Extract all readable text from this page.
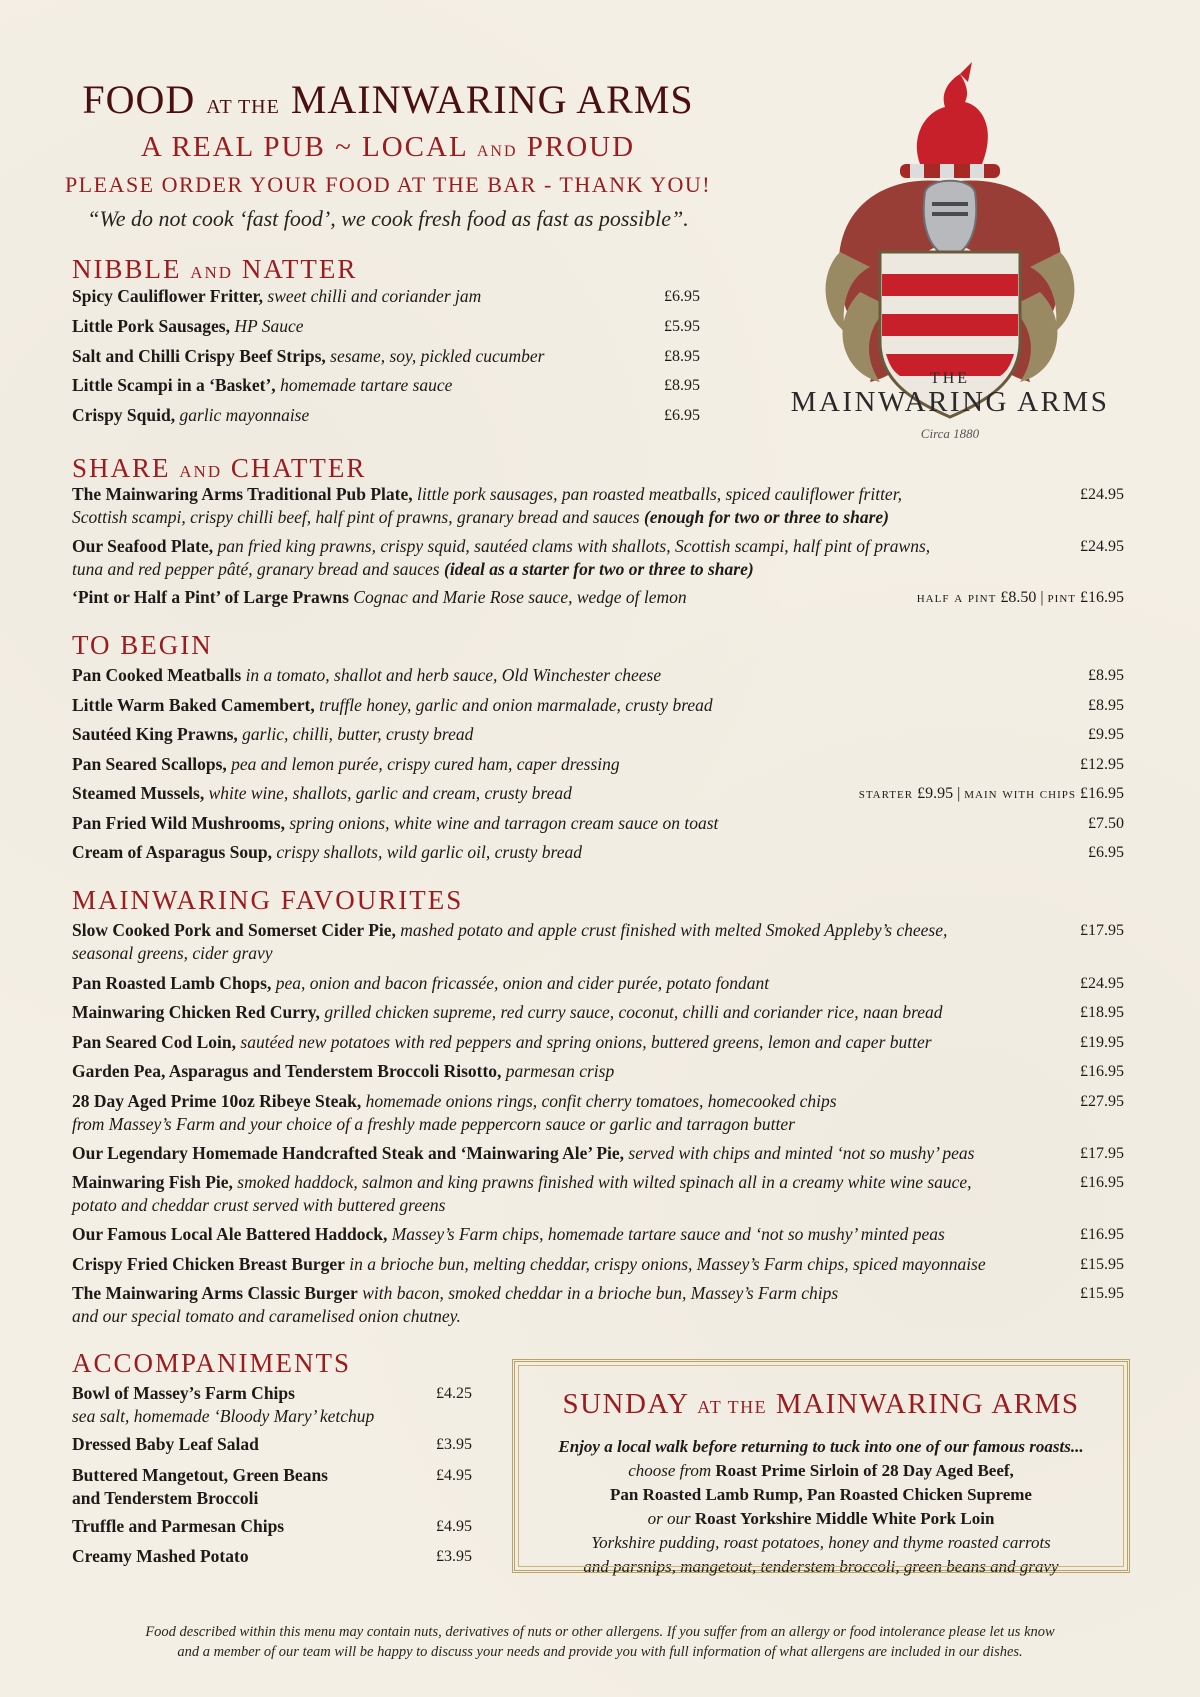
FOOD AT THE MAINWARING ARMS
A REAL PUB ~ LOCAL AND PROUD
PLEASE ORDER YOUR FOOD AT THE BAR - THANK YOU!
“We do not cook ‘fast food’, we cook fresh food as fast as possible”.
THE
MAINWARING ARMS
Circa 1880
NIBBLE AND NATTER
Spicy Cauliflower Fritter, sweet chilli and coriander jam	£6.95
Little Pork Sausages, HP Sauce	£5.95
Salt and Chilli Crispy Beef Strips, sesame, soy, pickled cucumber	£8.95
Little Scampi in a ‘Basket’, homemade tartare sauce	£8.95
Crispy Squid, garlic mayonnaise	£6.95
SHARE AND CHATTER
The Mainwaring Arms Traditional Pub Plate, little pork sausages, pan roasted meatballs, spiced cauliflower fritter,
Scottish scampi, crispy chilli beef, half pint of prawns, granary bread and sauces (enough for two or three to share)
£24.95
Our Seafood Plate, pan fried king prawns, crispy squid, sautéed clams with shallots, Scottish scampi, half pint of prawns,
tuna and red pepper pâté, granary bread and sauces (ideal as a starter for two or three to share)
£24.95
‘Pint or Half a Pint’ of Large Prawns Cognac and Marie Rose sauce, wedge of lemon	half a pint £8.50 | pint £16.95
TO BEGIN
Pan Cooked Meatballs in a tomato, shallot and herb sauce, Old Winchester cheese	£8.95
Little Warm Baked Camembert, truffle honey, garlic and onion marmalade, crusty bread	£8.95
Sautéed King Prawns, garlic, chilli, butter, crusty bread	£9.95
Pan Seared Scallops, pea and lemon purée, crispy cured ham, caper dressing	£12.95
Steamed Mussels, white wine, shallots, garlic and cream, crusty bread	starter £9.95 | main with chips £16.95
Pan Fried Wild Mushrooms, spring onions, white wine and tarragon cream sauce on toast	£7.50
Cream of Asparagus Soup, crispy shallots, wild garlic oil, crusty bread	£6.95
MAINWARING FAVOURITES
Slow Cooked Pork and Somerset Cider Pie, mashed potato and apple crust finished with melted Smoked Appleby’s cheese,
seasonal greens, cider gravy
£17.95
Pan Roasted Lamb Chops, pea, onion and bacon fricassée, onion and cider purée, potato fondant	£24.95
Mainwaring Chicken Red Curry, grilled chicken supreme, red curry sauce, coconut, chilli and coriander rice, naan bread	£18.95
Pan Seared Cod Loin, sautéed new potatoes with red peppers and spring onions, buttered greens, lemon and caper butter	£19.95
Garden Pea, Asparagus and Tenderstem Broccoli Risotto, parmesan crisp	£16.95
28 Day Aged Prime 10oz Ribeye Steak, homemade onions rings, confit cherry tomatoes, homecooked chips
from Massey’s Farm and your choice of a freshly made peppercorn sauce or garlic and tarragon butter
£27.95
Our Legendary Homemade Handcrafted Steak and ‘Mainwaring Ale’ Pie, served with chips and minted ‘not so mushy’ peas	£17.95
Mainwaring Fish Pie, smoked haddock, salmon and king prawns finished with wilted spinach all in a creamy white wine sauce,
potato and cheddar crust served with buttered greens
£16.95
Our Famous Local Ale Battered Haddock, Massey’s Farm chips, homemade tartare sauce and ‘not so mushy’ minted peas	£16.95
Crispy Fried Chicken Breast Burger in a brioche bun, melting cheddar, crispy onions, Massey’s Farm chips, spiced mayonnaise	£15.95
The Mainwaring Arms Classic Burger with bacon, smoked cheddar in a brioche bun, Massey’s Farm chips
and our special tomato and caramelised onion chutney.
£15.95
ACCOMPANIMENTS
Bowl of Massey’s Farm Chips
sea salt, homemade ‘Bloody Mary’ ketchup
£4.25
Dressed Baby Leaf Salad	£3.95
Buttered Mangetout, Green Beans
and Tenderstem Broccoli
£4.95
Truffle and Parmesan Chips	£4.95
Creamy Mashed Potato	£3.95
SUNDAY AT THE MAINWARING ARMS
Enjoy a local walk before returning to tuck into one of our famous roasts...
choose from Roast Prime Sirloin of 28 Day Aged Beef,
Pan Roasted Lamb Rump, Pan Roasted Chicken Supreme
or our Roast Yorkshire Middle White Pork Loin
Yorkshire pudding, roast potatoes, honey and thyme roasted carrots
and parsnips, mangetout, tenderstem broccoli, green beans and gravy
Food described within this menu may contain nuts, derivatives of nuts or other allergens. If you suffer from an allergy or food intolerance please let us know
and a member of our team will be happy to discuss your needs and provide you with full information of what allergens are included in our dishes.
